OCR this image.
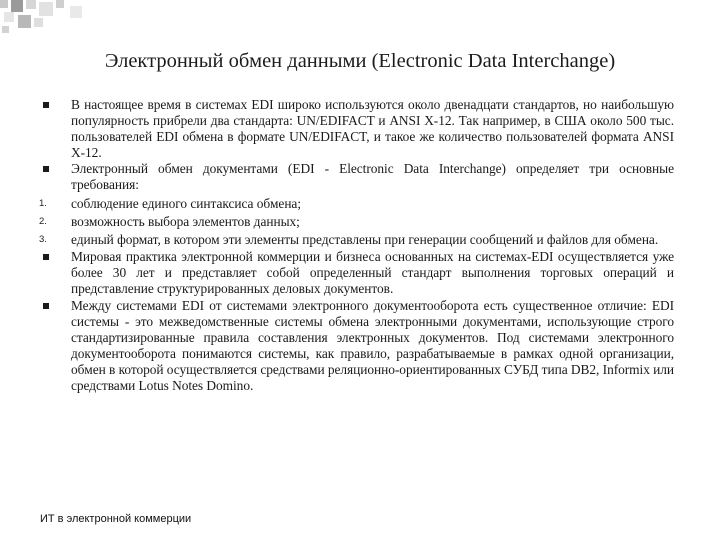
Электронный обмен данными (Electronic Data Interchange)
В настоящее время в системах EDI широко используются около двенадцати стандартов, но наибольшую популярность прибрели два стандарта: UN/EDIFACT и ANSI X-12. Так например, в США около 500 тыс. пользователей EDI обмена в формате UN/EDIFACT, и такое же количество пользователей формата ANSI X-12.
Электронный обмен документами (EDI - Electronic Data Interchange) определяет три основные требования:
1. соблюдение единого синтаксиса обмена;
2. возможность выбора элементов данных;
3. единый формат, в котором эти элементы представлены при генерации сообщений и файлов для обмена.
Мировая практика электронной коммерции и бизнеса основанных на системах-EDI осуществляется уже более 30 лет и представляет собой определенный стандарт выполнения торговых операций и представление структурированных деловых документов.
Между системами EDI от системами электронного документооборота есть существенное отличие: EDI системы - это межведомственные системы обмена электронными документами, использующие строго стандартизированные правила составления электронных документов. Под системами электронного документооборота понимаются системы, как правило, разрабатываемые в рамках одной организации, обмен в которой осуществляется средствами реляционно-ориентированных СУБД типа DB2, Informix или средствами Lotus Notes Domino.
ИТ в электронной коммерции
